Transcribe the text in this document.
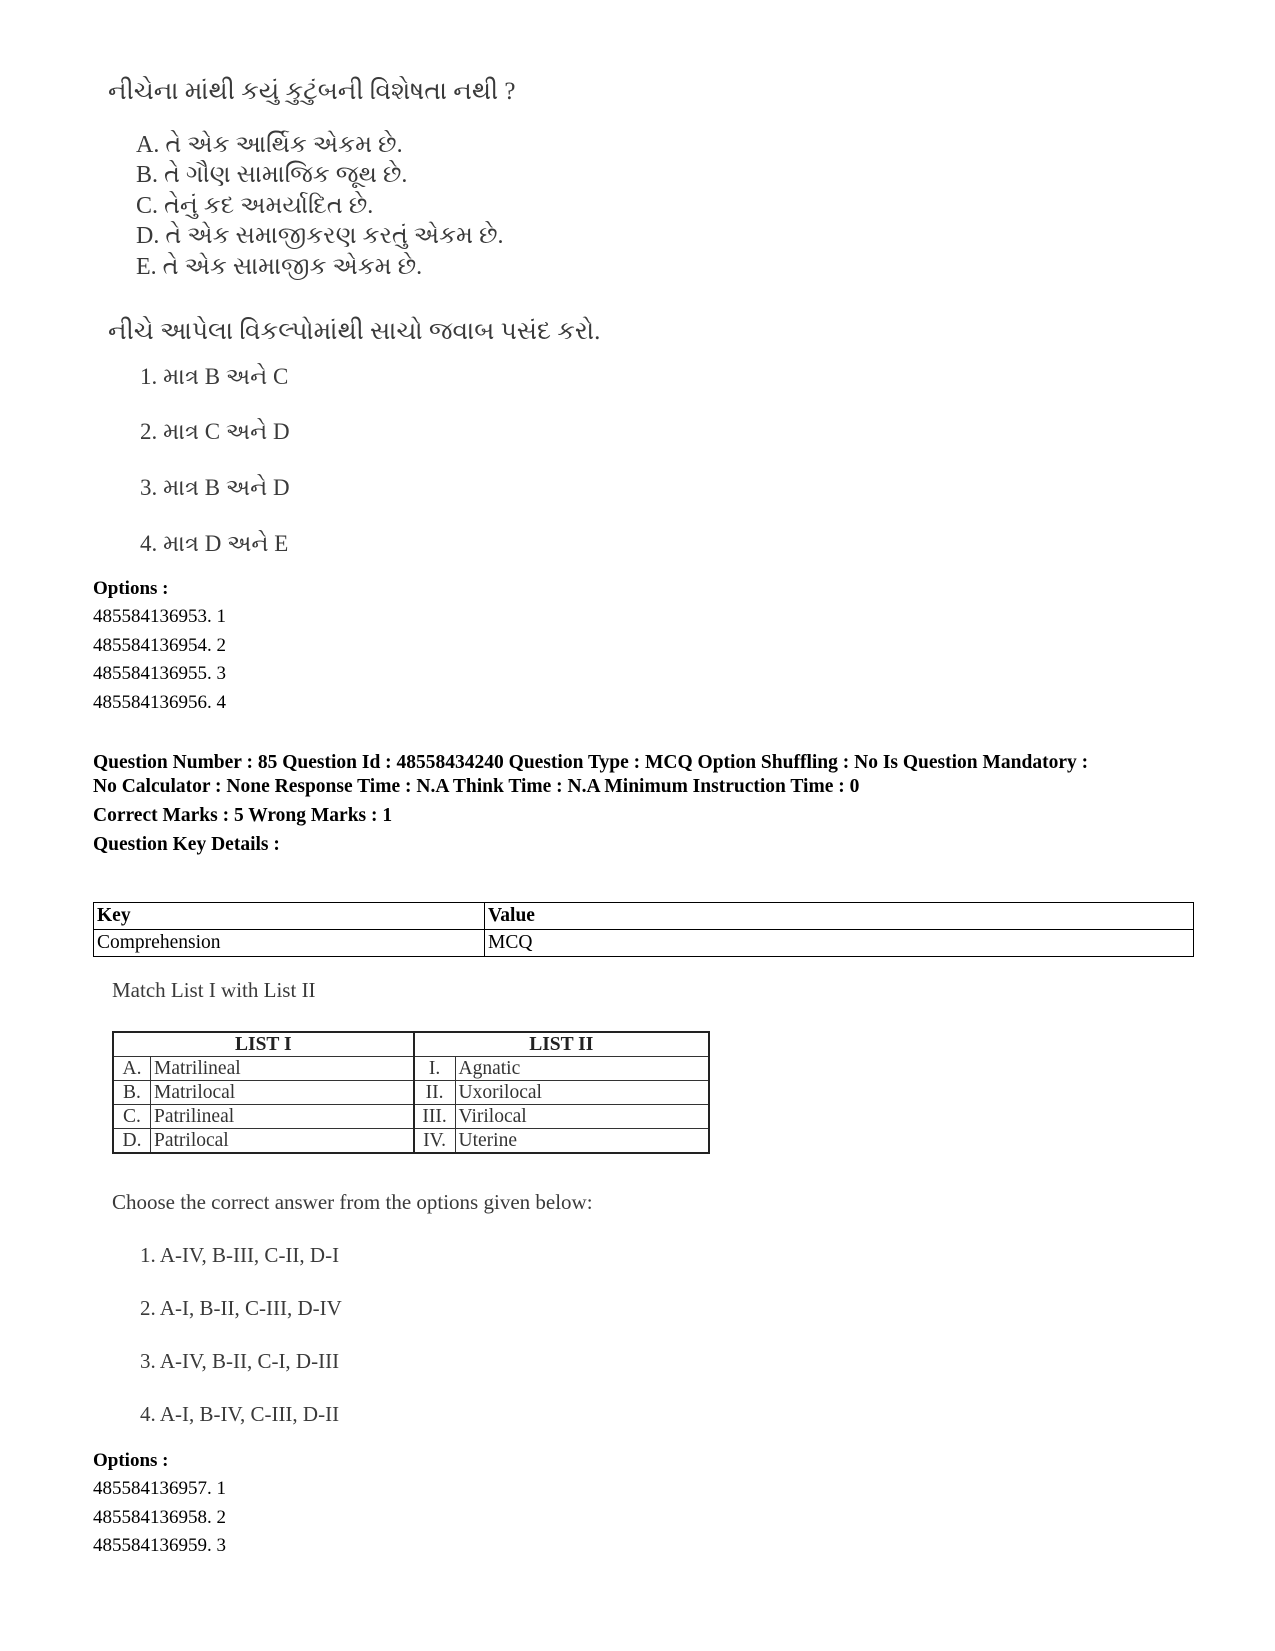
નીચેના માંથી કયું કુટુંબની વિશેષતા નથી ?
A. તે એક આર્થિક એકમ છે.
B. તે ગૌણ સામાજિક જૂથ છે.
C. તેનું કદ અમર્યાદિત છે.
D. તે એક સમાજીકરણ કરતું એકમ છે.
E. તે એક સામાજીક એકમ છે.
નીચે આપેલા વિકલ્પોમાંથી સાચો જવાબ પસંદ કરો.
1. માત્ર B અને C
2. માત્ર C અને D
3. માત્ર B અને D
4. માત્ર D અને E
Options :
485584136953. 1
485584136954. 2
485584136955. 3
485584136956. 4
Question Number : 85 Question Id : 48558434240 Question Type : MCQ Option Shuffling : No Is Question Mandatory :
No Calculator : None Response Time : N.A Think Time : N.A Minimum Instruction Time : 0
Correct Marks : 5 Wrong Marks : 1
Question Key Details :
Key	Value
Comprehension	MCQ
Match List I with List II
LIST I		LIST II	
A.	Matrilineal	I.	Agnatic
B.	Matrilocal	II.	Uxorilocal
C.	Patrilineal	III.	Virilocal
D.	Patrilocal	IV.	Uterine
Choose the correct answer from the options given below:
1. A-IV, B-III, C-II, D-I
2. A-I, B-II, C-III, D-IV
3. A-IV, B-II, C-I, D-III
4. A-I, B-IV, C-III, D-II
Options :
485584136957. 1
485584136958. 2
485584136959. 3
